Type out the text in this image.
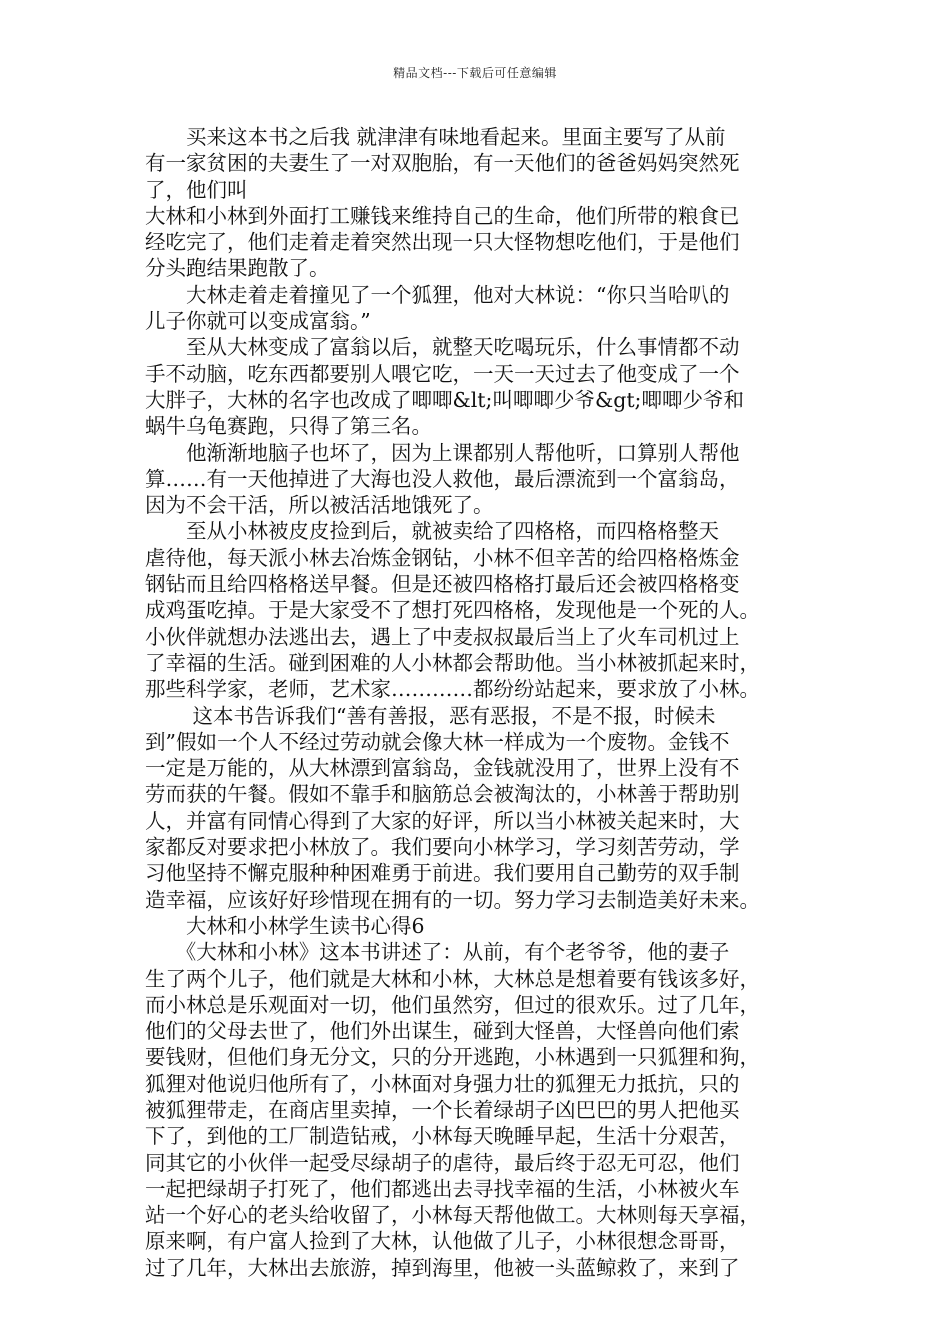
精品文档---下载后可任意编辑
　　买来这本书之后我 就津津有味地看起来。里面主要写了从前
有一家贫困的夫妻生了一对双胞胎，有一天他们的爸爸妈妈突然死
了，他们叫
大林和小林到外面打工赚钱来维持自己的生命，他们所带的粮食已
经吃完了，他们走着走着突然出现一只大怪物想吃他们，于是他们
分头跑结果跑散了。
　　大林走着走着撞见了一个狐狸，他对大林说：“你只当哈叭的
儿子你就可以变成富翁。”
　　至从大林变成了富翁以后，就整天吃喝玩乐，什么事情都不动
手不动脑，吃东西都要别人喂它吃，一天一天过去了他变成了一个
大胖子，大林的名字也改成了唧唧&lt;叫唧唧少爷&gt;唧唧少爷和
蜗牛乌龟赛跑，只得了第三名。
　　他渐渐地脑子也坏了，因为上课都别人帮他听，口算别人帮他
算……有一天他掉进了大海也没人救他，最后漂流到一个富翁岛，
因为不会干活，所以被活活地饿死了。
　　至从小林被皮皮捡到后，就被卖给了四格格，而四格格整天
虐待他，每天派小林去冶炼金钢钻，小林不但辛苦的给四格格炼金
钢钻而且给四格格送早餐。但是还被四格格打最后还会被四格格变
成鸡蛋吃掉。于是大家受不了想打死四格格，发现他是一个死的人。
小伙伴就想办法逃出去，遇上了中麦叔叔最后当上了火车司机过上
了幸福的生活。碰到困难的人小林都会帮助他。当小林被抓起来时，
那些科学家，老师，艺术家…………都纷纷站起来，要求放了小林。
　　 这本书告诉我们“善有善报，恶有恶报，不是不报，时候未
到”假如一个人不经过劳动就会像大林一样成为一个废物。金钱不
一定是万能的，从大林漂到富翁岛，金钱就没用了，世界上没有不
劳而获的午餐。假如不靠手和脑筋总会被淘汰的，小林善于帮助别
人，并富有同情心得到了大家的好评，所以当小林被关起来时，大
家都反对要求把小林放了。我们要向小林学习，学习刻苦劳动，学
习他坚持不懈克服种种困难勇于前进。我们要用自己勤劳的双手制
造幸福，应该好好珍惜现在拥有的一切。努力学习去制造美好未来。
　　大林和小林学生读书心得6
　　《大林和小林》这本书讲述了：从前，有个老爷爷，他的妻子
生了两个儿子，他们就是大林和小林，大林总是想着要有钱该多好，
而小林总是乐观面对一切，他们虽然穷，但过的很欢乐。过了几年，
他们的父母去世了，他们外出谋生，碰到大怪兽，大怪兽向他们索
要钱财，但他们身无分文，只的分开逃跑，小林遇到一只狐狸和狗，
狐狸对他说归他所有了，小林面对身强力壮的狐狸无力抵抗，只的
被狐狸带走，在商店里卖掉，一个长着绿胡子凶巴巴的男人把他买
下了，到他的工厂制造钻戒，小林每天晚睡早起，生活十分艰苦，
同其它的小伙伴一起受尽绿胡子的虐待，最后终于忍无可忍，他们
一起把绿胡子打死了，他们都逃出去寻找幸福的生活，小林被火车
站一个好心的老头给收留了，小林每天帮他做工。大林则每天享福，
原来啊，有户富人捡到了大林，认他做了儿子，小林很想念哥哥，
过了几年，大林出去旅游，掉到海里，他被一头蓝鲸救了，来到了
